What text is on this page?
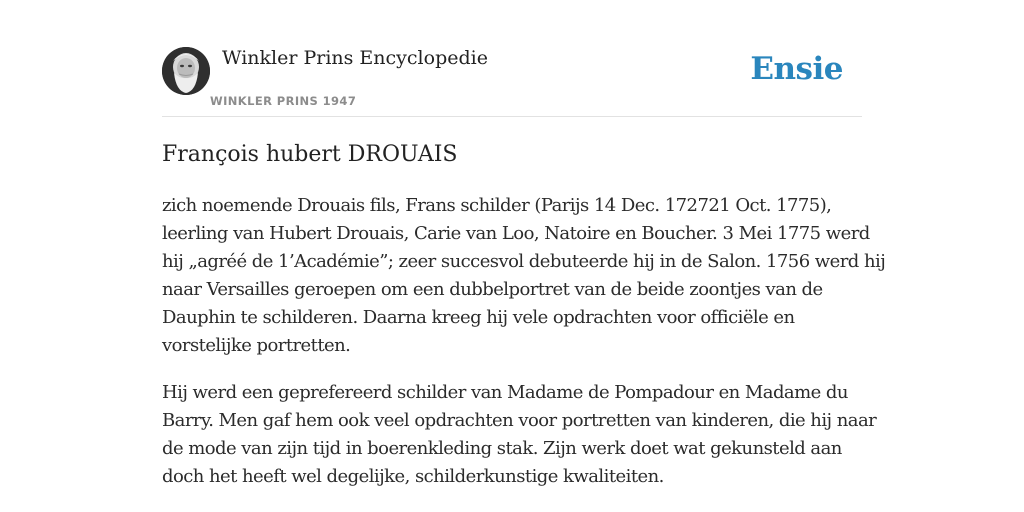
Winkler Prins Encyclopedie
WINKLER PRINS 1947
Ensie
François hubert DROUAIS

zich noemende Drouais fils, Frans schilder (Parijs 14 Dec. 172721 Oct. 1775),
leerling van Hubert Drouais, Carie van Loo, Natoire en Boucher. 3 Mei 1775 werd
hij „agréé de 1’Académie”; zeer succesvol debuteerde hij in de Salon. 1756 werd hij
naar Versailles geroepen om een dubbelportret van de beide zoontjes van de
Dauphin te schilderen. Daarna kreeg hij vele opdrachten voor officiële en
vorstelijke portretten.

Hij werd een geprefereerd schilder van Madame de Pompadour en Madame du
Barry. Men gaf hem ook veel opdrachten voor portretten van kinderen, die hij naar
de mode van zijn tijd in boerenkleding stak. Zijn werk doet wat gekunsteld aan
doch het heeft wel degelijke, schilderkunstige kwaliteiten.
